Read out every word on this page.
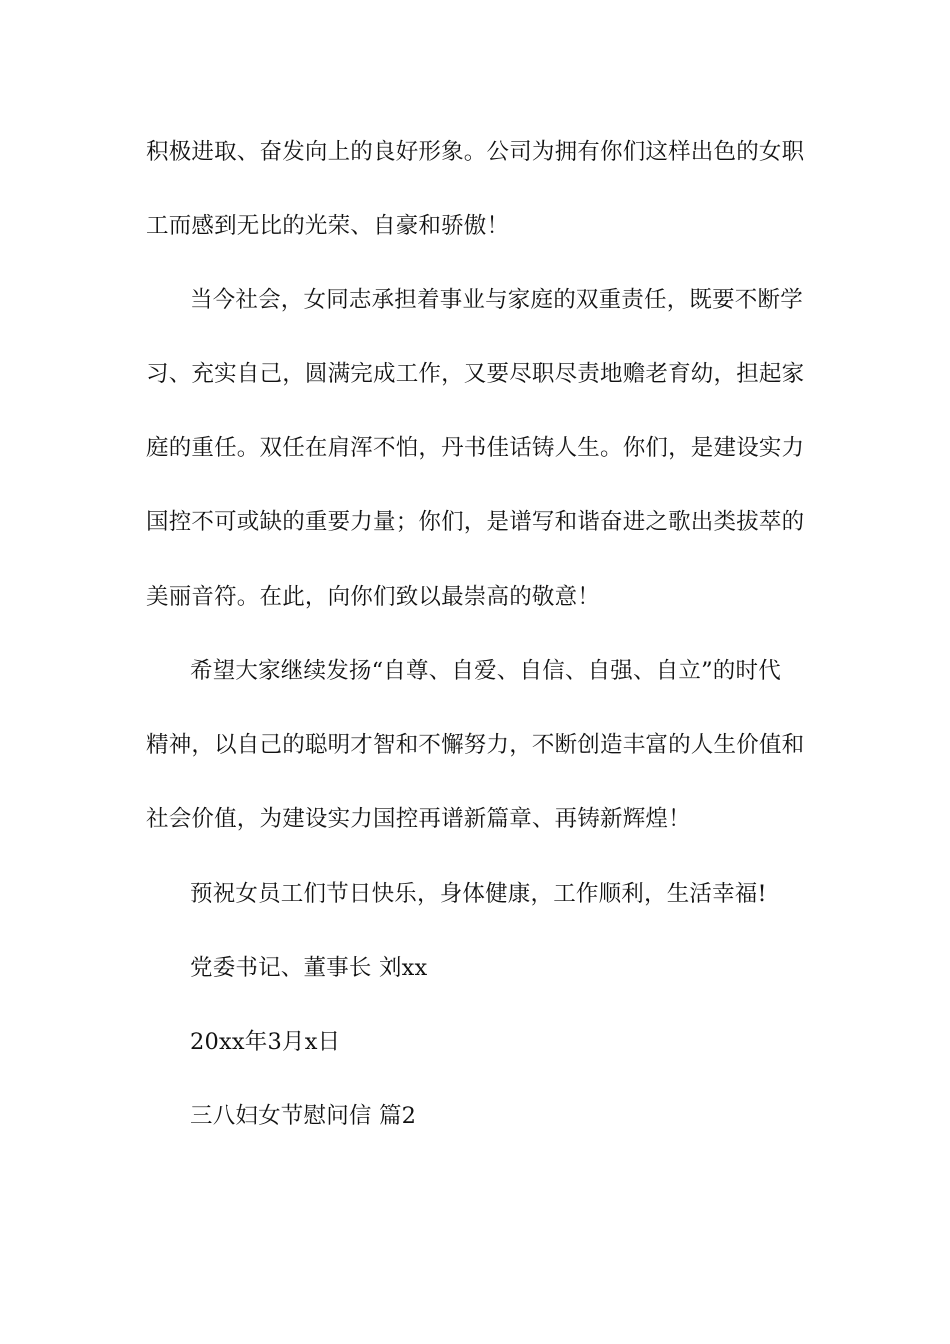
积极进取、奋发向上的良好形象。公司为拥有你们这样出色的女职
工而感到无比的光荣、自豪和骄傲！
当今社会，女同志承担着事业与家庭的双重责任，既要不断学
习、充实自己，圆满完成工作，又要尽职尽责地赡老育幼，担起家
庭的重任。双任在肩浑不怕，丹书佳话铸人生。你们，是建设实力
国控不可或缺的重要力量；你们，是谱写和谐奋进之歌出类拔萃的
美丽音符。在此，向你们致以最崇高的敬意！
希望大家继续发扬“自尊、自爱、自信、自强、自立”的时代
精神，以自己的聪明才智和不懈努力，不断创造丰富的人生价值和
社会价值，为建设实力国控再谱新篇章、再铸新辉煌！
预祝女员工们节日快乐，身体健康，工作顺利，生活幸福!
党委书记、董事长 刘xx
20xx年3月x日
三八妇女节慰问信 篇2
